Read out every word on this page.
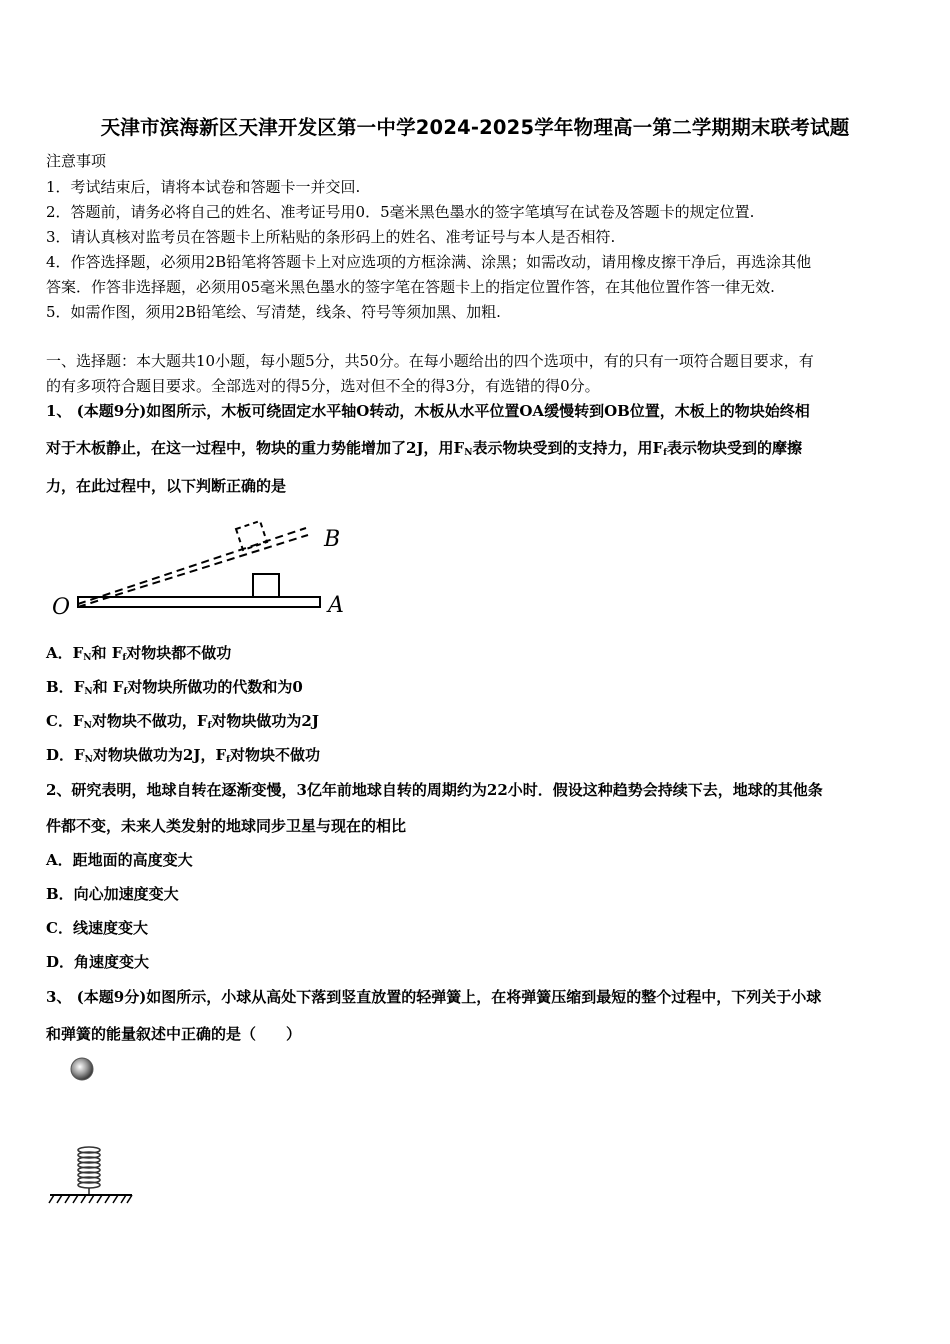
天津市滨海新区天津开发区第一中学2024-2025学年物理高一第二学期期末联考试题
注意事项
1．考试结束后，请将本试卷和答题卡一并交回.
2．答题前，请务必将自己的姓名、准考证号用0．5毫米黑色墨水的签字笔填写在试卷及答题卡的规定位置.
3．请认真核对监考员在答题卡上所粘贴的条形码上的姓名、准考证号与本人是否相符.
4．作答选择题，必须用2B铅笔将答题卡上对应选项的方框涂满、涂黑；如需改动，请用橡皮擦干净后，再选涂其他
答案．作答非选择题，必须用05毫米黑色墨水的签字笔在答题卡上的指定位置作答，在其他位置作答一律无效.
5．如需作图，须用2B铅笔绘、写清楚，线条、符号等须加黑、加粗.
一、选择题：本大题共10小题，每小题5分，共50分。在每小题给出的四个选项中，有的只有一项符合题目要求，有
的有多项符合题目要求。全部选对的得5分，选对但不全的得3分，有选错的得0分。
1、 (本题9分)如图所示，木板可绕固定水平轴O转动，木板从水平位置OA缓慢转到OB位置，木板上的物块始终相
对于木板静止，在这一过程中，物块的重力势能增加了2J，用$F_N$表示物块受到的支持力，用$F_f$表示物块受到的摩擦
力，在此过程中，以下判断正确的是
O	A
B
A．$F_N$和 $F_f$对物块都不做功
B．$F_N$和 $F_f$对物块所做功的代数和为0
C．$F_N$对物块不做功，$F_f$对物块做功为2J
D．$F_N$对物块做功为2J，$F_f$对物块不做功
2、研究表明，地球自转在逐渐变慢，3亿年前地球自转的周期约为22小时．假设这种趋势会持续下去，地球的其他条
件都不变，未来人类发射的地球同步卫星与现在的相比
A．距地面的高度变大
B．向心加速度变大
C．线速度变大
D．角速度变大
3、 (本题9分)如图所示，小球从高处下落到竖直放置的轻弹簧上，在将弹簧压缩到最短的整个过程中，下列关于小球
和弹簧的能量叙述中正确的是（　　）
